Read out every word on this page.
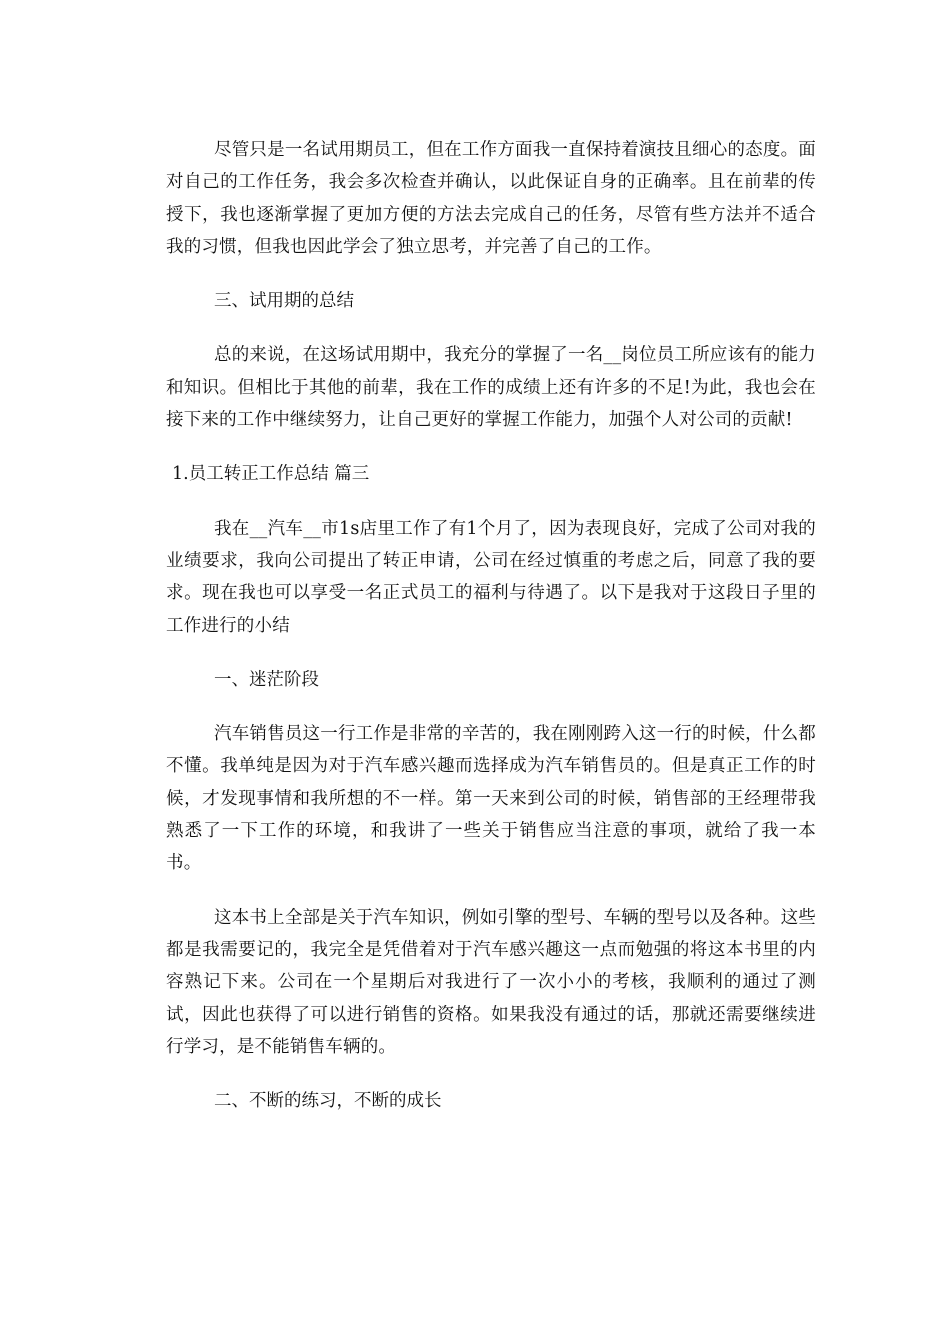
尽管只是一名试用期员工，但在工作方面我一直保持着演技且细心的态度。面对自己的工作任务，我会多次检查并确认，以此保证自身的正确率。且在前辈的传授下，我也逐渐掌握了更加方便的方法去完成自己的任务，尽管有些方法并不适合我的习惯，但我也因此学会了独立思考，并完善了自己的工作。

三、试用期的总结

总的来说，在这场试用期中，我充分的掌握了一名__岗位员工所应该有的能力和知识。但相比于其他的前辈，我在工作的成绩上还有许多的不足!为此，我也会在接下来的工作中继续努力，让自己更好的掌握工作能力，加强个人对公司的贡献!

1.员工转正工作总结 篇三

我在__汽车__市1s店里工作了有1个月了，因为表现良好，完成了公司对我的业绩要求，我向公司提出了转正申请，公司在经过慎重的考虑之后，同意了我的要求。现在我也可以享受一名正式员工的福利与待遇了。以下是我对于这段日子里的工作进行的小结

一、迷茫阶段

汽车销售员这一行工作是非常的辛苦的，我在刚刚跨入这一行的时候，什么都不懂。我单纯是因为对于汽车感兴趣而选择成为汽车销售员的。但是真正工作的时候，才发现事情和我所想的不一样。第一天来到公司的时候，销售部的王经理带我熟悉了一下工作的环境，和我讲了一些关于销售应当注意的事项，就给了我一本书。

这本书上全部是关于汽车知识，例如引擎的型号、车辆的型号以及各种。这些都是我需要记的，我完全是凭借着对于汽车感兴趣这一点而勉强的将这本书里的内容熟记下来。公司在一个星期后对我进行了一次小小的考核，我顺利的通过了测试，因此也获得了可以进行销售的资格。如果我没有通过的话，那就还需要继续进行学习，是不能销售车辆的。

二、不断的练习，不断的成长
